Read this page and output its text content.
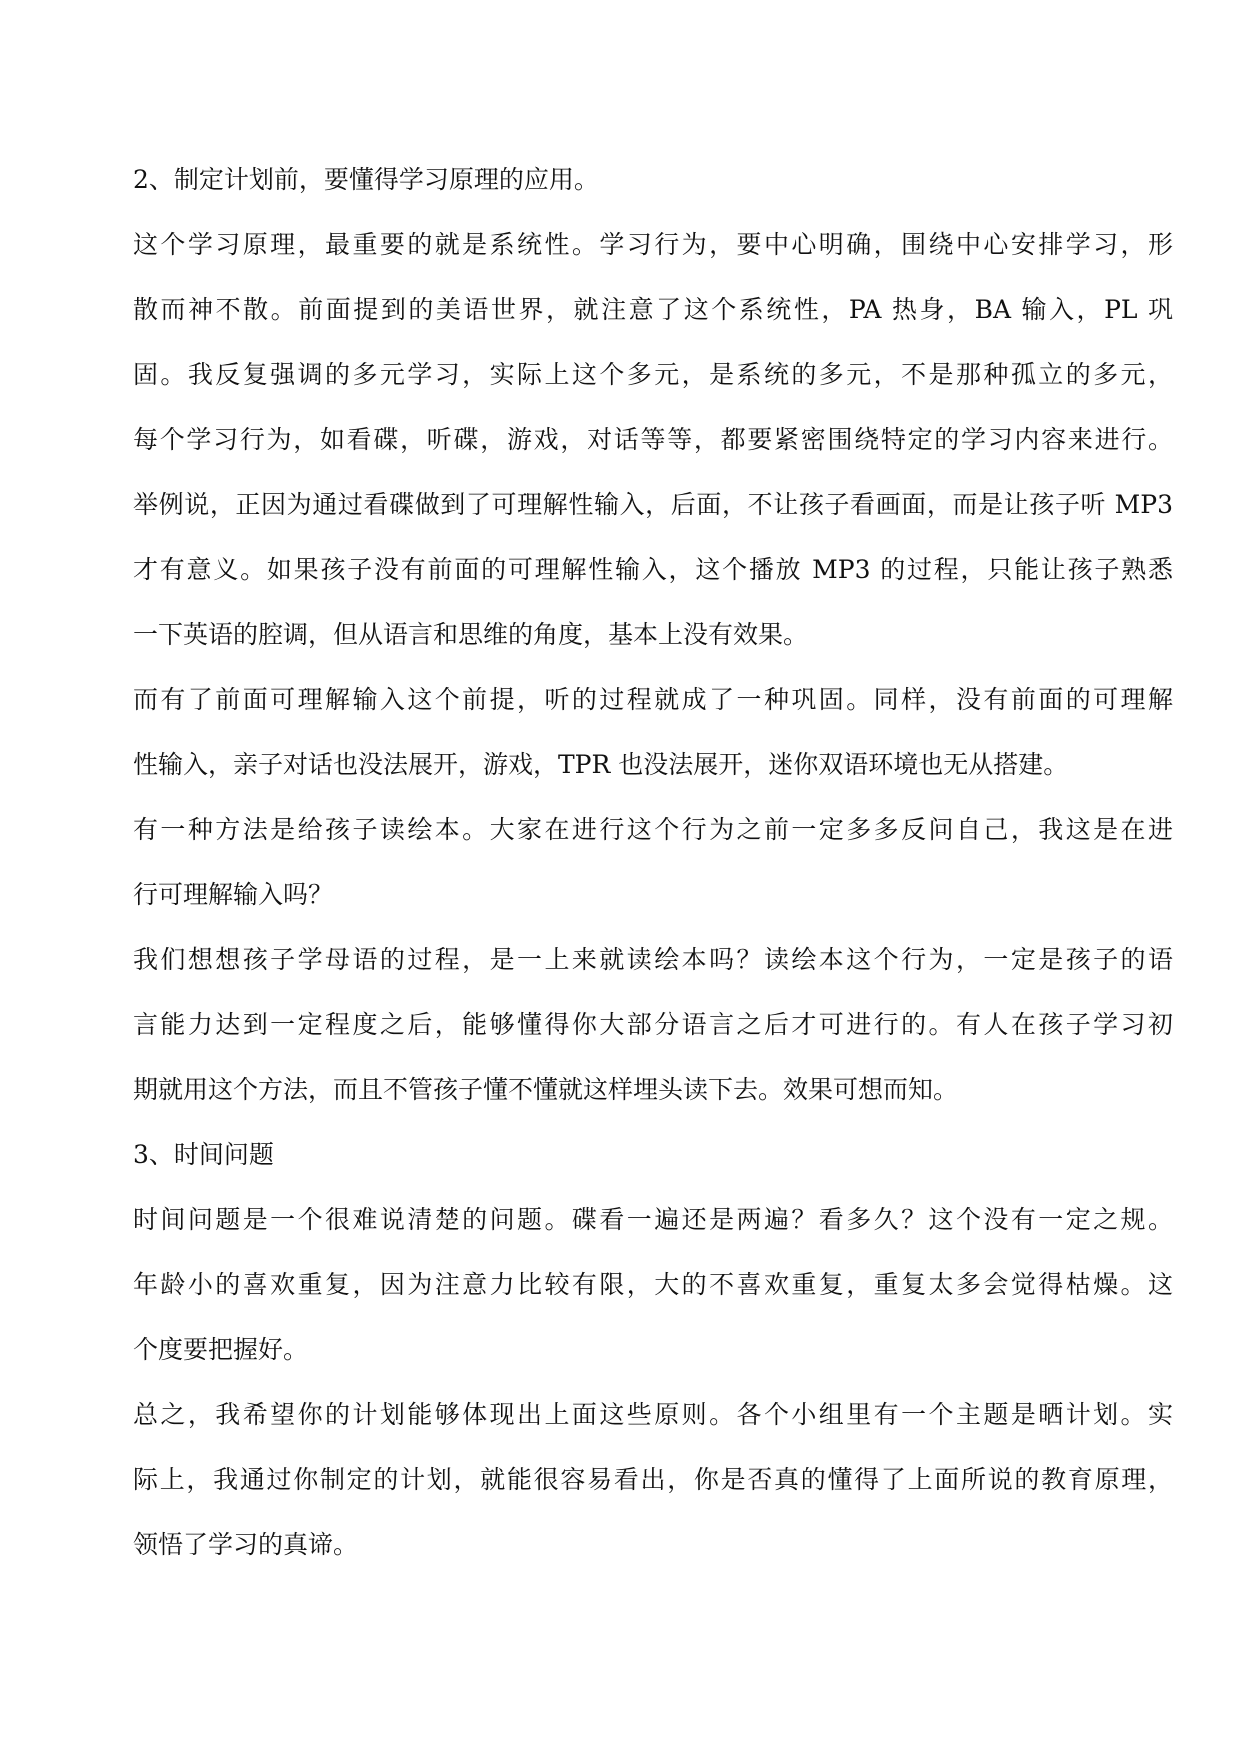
2、制定计划前，要懂得学习原理的应用。
这个学习原理，最重要的就是系统性。学习行为，要中心明确，围绕中心安排学习，形
散而神不散。前面提到的美语世界，就注意了这个系统性，PA 热身，BA 输入，PL 巩
固。我反复强调的多元学习，实际上这个多元，是系统的多元，不是那种孤立的多元，
每个学习行为，如看碟，听碟，游戏，对话等等，都要紧密围绕特定的学习内容来进行。
举例说，正因为通过看碟做到了可理解性输入，后面，不让孩子看画面，而是让孩子听 MP3
才有意义。如果孩子没有前面的可理解性输入，这个播放 MP3 的过程，只能让孩子熟悉
一下英语的腔调，但从语言和思维的角度，基本上没有效果。
而有了前面可理解输入这个前提，听的过程就成了一种巩固。同样，没有前面的可理解
性输入，亲子对话也没法展开，游戏，TPR 也没法展开，迷你双语环境也无从搭建。
有一种方法是给孩子读绘本。大家在进行这个行为之前一定多多反问自己，我这是在进
行可理解输入吗？
我们想想孩子学母语的过程，是一上来就读绘本吗？读绘本这个行为，一定是孩子的语
言能力达到一定程度之后，能够懂得你大部分语言之后才可进行的。有人在孩子学习初
期就用这个方法，而且不管孩子懂不懂就这样埋头读下去。效果可想而知。
3、时间问题
时间问题是一个很难说清楚的问题。碟看一遍还是两遍？看多久？这个没有一定之规。
年龄小的喜欢重复，因为注意力比较有限，大的不喜欢重复，重复太多会觉得枯燥。这
个度要把握好。
总之，我希望你的计划能够体现出上面这些原则。各个小组里有一个主题是晒计划。实
际上，我通过你制定的计划，就能很容易看出，你是否真的懂得了上面所说的教育原理，
领悟了学习的真谛。
